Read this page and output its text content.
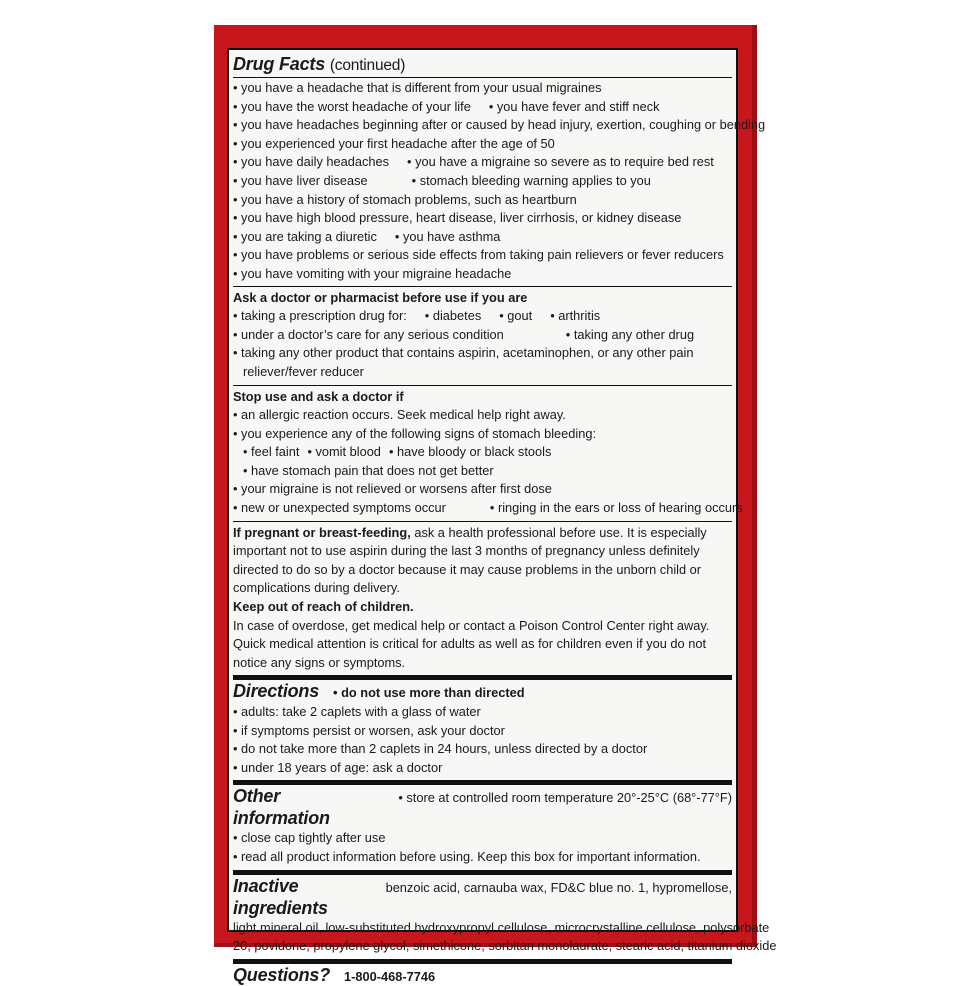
Drug Facts (continued)
• you have a headache that is different from your usual migraines
• you have the worst headache of your life • you have fever and stiff neck
• you have headaches beginning after or caused by head injury, exertion, coughing or bending
• you experienced your first headache after the age of 50
• you have daily headaches • you have a migraine so severe as to require bed rest
• you have liver disease	• stomach bleeding warning applies to you
• you have a history of stomach problems, such as heartburn
• you have high blood pressure, heart disease, liver cirrhosis, or kidney disease
• you are taking a diuretic • you have asthma
• you have problems or serious side effects from taking pain relievers or fever reducers
• you have vomiting with your migraine headache
Ask a doctor or pharmacist before use if you are
• taking a prescription drug for: • diabetes • gout • arthritis
• under a doctor’s care for any serious condition	• taking any other drug
• taking any other product that contains aspirin, acetaminophen, or any other pain
reliever/fever reducer
Stop use and ask a doctor if
• an allergic reaction occurs. Seek medical help right away.
• you experience any of the following signs of stomach bleeding:
• feel faint • vomit blood • have bloody or black stools
• have stomach pain that does not get better
• your migraine is not relieved or worsens after first dose
• new or unexpected symptoms occur	• ringing in the ears or loss of hearing occurs
If pregnant or breast-feeding, ask a health professional before use. It is especially important not to use aspirin during the last 3 months of pregnancy unless definitely directed to do so by a doctor because it may cause problems in the unborn child or complications during delivery.
Keep out of reach of children.
In case of overdose, get medical help or contact a Poison Control Center right away. Quick medical attention is critical for adults as well as for children even if you do not notice any signs or symptoms.
Directions • do not use more than directed
• adults: take 2 caplets with a glass of water
• if symptoms persist or worsen, ask your doctor
• do not take more than 2 caplets in 24 hours, unless directed by a doctor
• under 18 years of age: ask a doctor
Other information
• store at controlled room temperature 20°-25°C (68°-77°F)
• close cap tightly after use
• read all product information before using. Keep this box for important information.
Inactive ingredients
benzoic acid, carnauba wax, FD&C blue no. 1, hypromellose,
light mineral oil, low-substituted hydroxypropyl cellulose, microcrystalline cellulose, polysorbate
20, povidone, propylene glycol, simethicone, sorbitan monolaurate, stearic acid, titanium dioxide
Questions? 1-800-468-7746
